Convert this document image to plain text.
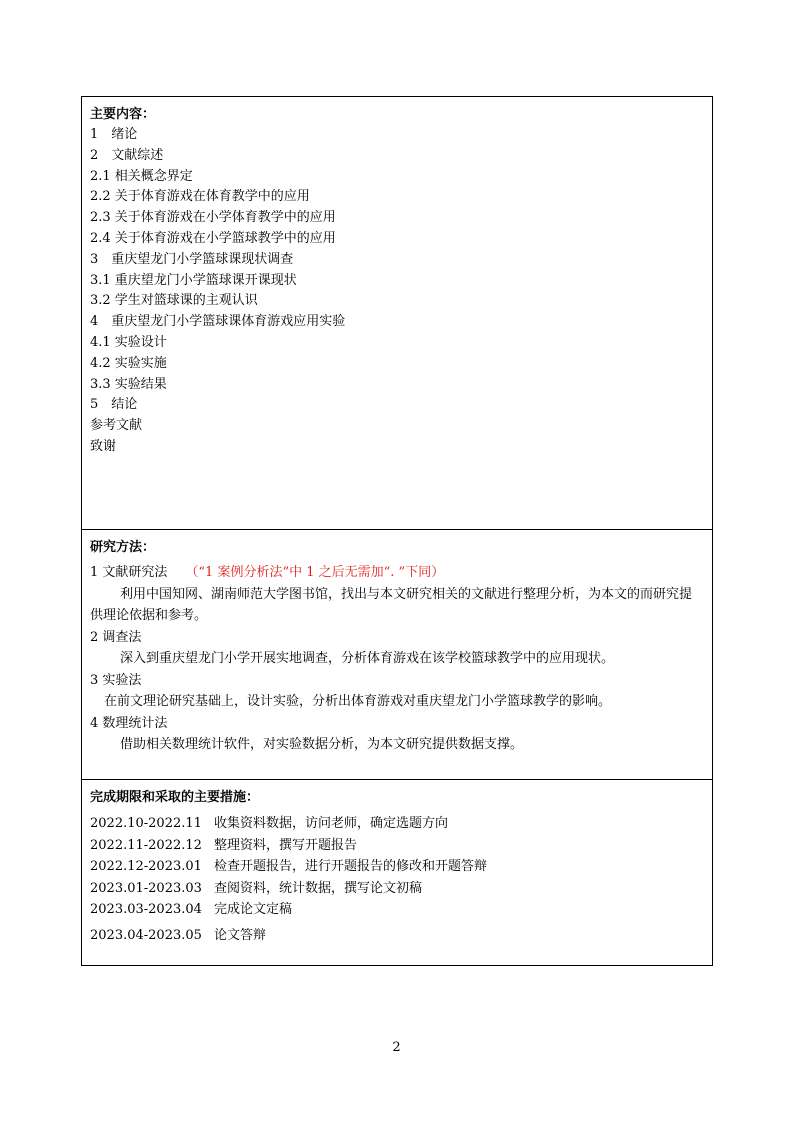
主要内容：
1　绪论
2　文献综述
2.1 相关概念界定
2.2 关于体育游戏在体育教学中的应用
2.3 关于体育游戏在小学体育教学中的应用
2.4 关于体育游戏在小学篮球教学中的应用
3　重庆望龙门小学篮球课现状调查
3.1 重庆望龙门小学篮球课开课现状
3.2 学生对篮球课的主观认识
4　重庆望龙门小学篮球课体育游戏应用实验
4.1 实验设计
4.2 实验实施
3.3 实验结果
5　结论
参考文献
致谢
研究方法：
1 文献研究法 （“1 案例分析法”中 1 之后无需加“. ”下同）
利用中国知网、湖南师范大学图书馆，找出与本文研究相关的文献进行整理分析，为本文的而研究提供理论依据和参考。
2 调查法
深入到重庆望龙门小学开展实地调查，分析体育游戏在该学校篮球教学中的应用现状。
3 实验法
在前文理论研究基础上，设计实验，分析出体育游戏对重庆望龙门小学篮球教学的影响。
4 数理统计法
借助相关数理统计软件，对实验数据分析，为本文研究提供数据支撑。
完成期限和采取的主要措施：
2022.10-2022.11 收集资料数据，访问老师，确定选题方向
2022.11-2022.12 整理资料，撰写开题报告
2022.12-2023.01 检查开题报告，进行开题报告的修改和开题答辩
2023.01-2023.03 查阅资料，统计数据，撰写论文初稿
2023.03-2023.04 完成论文定稿
2023.04-2023.05 论文答辩
2
